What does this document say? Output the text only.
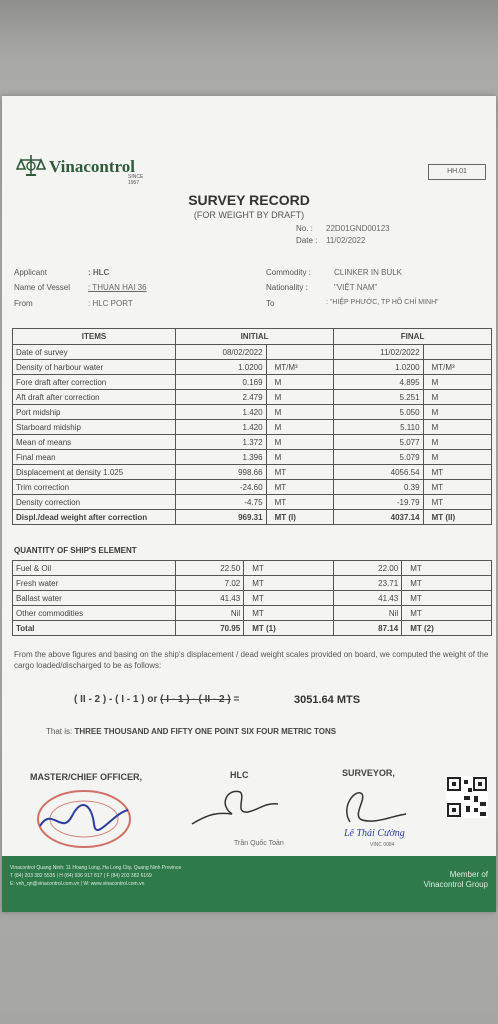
Vinacontrol
SINCE 1957
HH.01
SURVEY RECORD
(FOR WEIGHT BY DRAFT)
No. : 22D01GND00123
Date : 11/02/2022
Applicant	: HLC
Name of Vessel : THUAN HAI 36
From	: HLC PORT
Commodity :	CLINKER IN BULK
Nationality :	"VIỆT NAM"
To	: "HIỆP PHƯỚC, TP HỒ CHÍ MINH"
ITEMS	INITIAL		FINAL	
Date of survey	08/02/2022		11/02/2022	
Density of harbour water	1.0200	MT/M³	1.0200	MT/M³
Fore draft after correction	0.169	M	4.895	M
Aft draft after correction	2.479	M	5.251	M
Port midship	1.420	M	5.050	M
Starboard midship	1.420	M	5.110	M
Mean of means	1.372	M	5.077	M
Final mean	1.396	M	5.079	M
Displacement at density 1.025	998.66	MT	4056.54	MT
Trim correction	-24.60	MT	0.39	MT
Density correction	-4.75	MT	-19.79	MT
Displ./dead weight after correction	969.31	MT (I)	4037.14	MT (II)
QUANTITY OF SHIP'S ELEMENT
Fuel & Oil	22.50	MT	22.00	MT
Fresh water	7.02	MT	23.71	MT
Ballast water	41.43	MT	41.43	MT
Other commodities	Nil	MT	Nil	MT
Total	70.95	MT (1)	87.14	MT (2)
From the above figures and basing on the ship's displacement / dead weight scales provided on board, we computed the weight of the cargo loaded/discharged to be as follows:
( II - 2 ) - ( I - 1 ) or ( I - 1 ) - ( II - 2 ) =	3051.64 MTS
That is: THREE THOUSAND AND FIFTY ONE POINT SIX FOUR METRIC TONS
MASTER/CHIEF OFFICER,	HLC	SURVEYOR,
Trần Quốc Toàn
Lê Thái Cường
VINC 0084
Vinacontrol Quang Ninh: 11 Hoang Long, Ha Long City, Quang Ninh Province
T (84) 203 382 5535 | H (84) 936 917 817 | F (84) 203 382 6169
E: vnh_qn@vinacontrol.com.vn | W: www.vinacontrol.com.vn
Member of
Vinacontrol Group
